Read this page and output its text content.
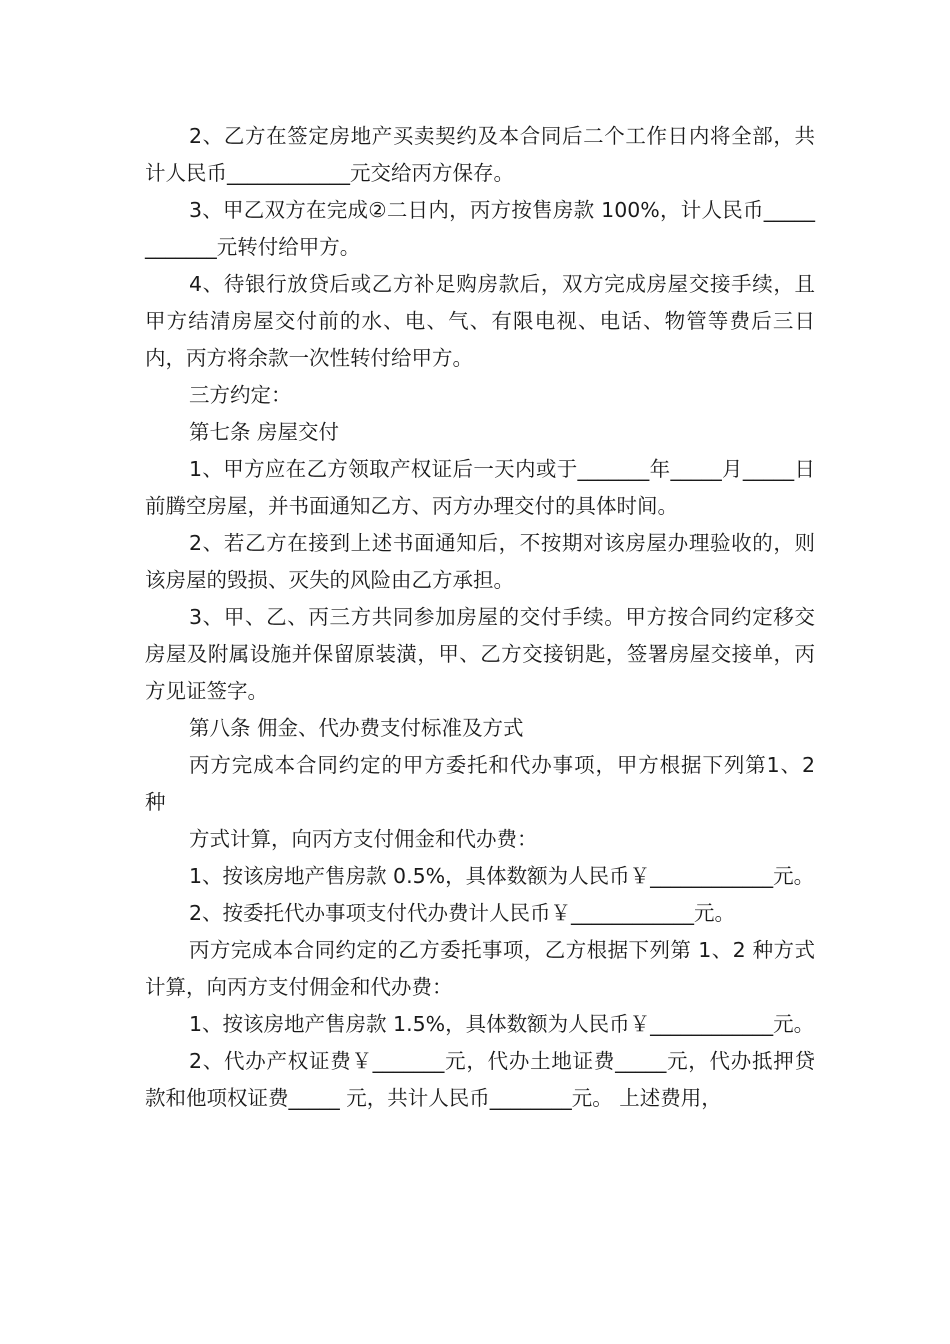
2、乙方在签定房地产买卖契约及本合同后二个工作日内将全部，共计人民币____________元交给丙方保存。

3、甲乙双方在完成②二日内，丙方按售房款 100%，计人民币____________元转付给甲方。

4、待银行放贷后或乙方补足购房款后，双方完成房屋交接手续，且甲方结清房屋交付前的水、电、气、有限电视、电话、物管等费后三日内，丙方将余款一次性转付给甲方。

三方约定：

第七条 房屋交付

1、甲方应在乙方领取产权证后一天内或于_______年_____月_____日前腾空房屋，并书面通知乙方、丙方办理交付的具体时间。

2、若乙方在接到上述书面通知后，不按期对该房屋办理验收的，则该房屋的毁损、灭失的风险由乙方承担。

3、甲、乙、丙三方共同参加房屋的交付手续。甲方按合同约定移交房屋及附属设施并保留原装潢，甲、乙方交接钥匙，签署房屋交接单，丙方见证签字。

第八条 佣金、代办费支付标准及方式

丙方完成本合同约定的甲方委托和代办事项，甲方根据下列第1、2 种

方式计算，向丙方支付佣金和代办费：

1、按该房地产售房款 0.5%，具体数额为人民币￥____________元。

2、按委托代办事项支付代办费计人民币￥____________元。

丙方完成本合同约定的乙方委托事项，乙方根据下列第 1、2 种方式计算，向丙方支付佣金和代办费：

1、按该房地产售房款 1.5%，具体数额为人民币￥____________元。

2、代办产权证费￥_______元，代办土地证费_____元，代办抵押贷款和他项权证费_____ 元，共计人民币________元。 上述费用，
